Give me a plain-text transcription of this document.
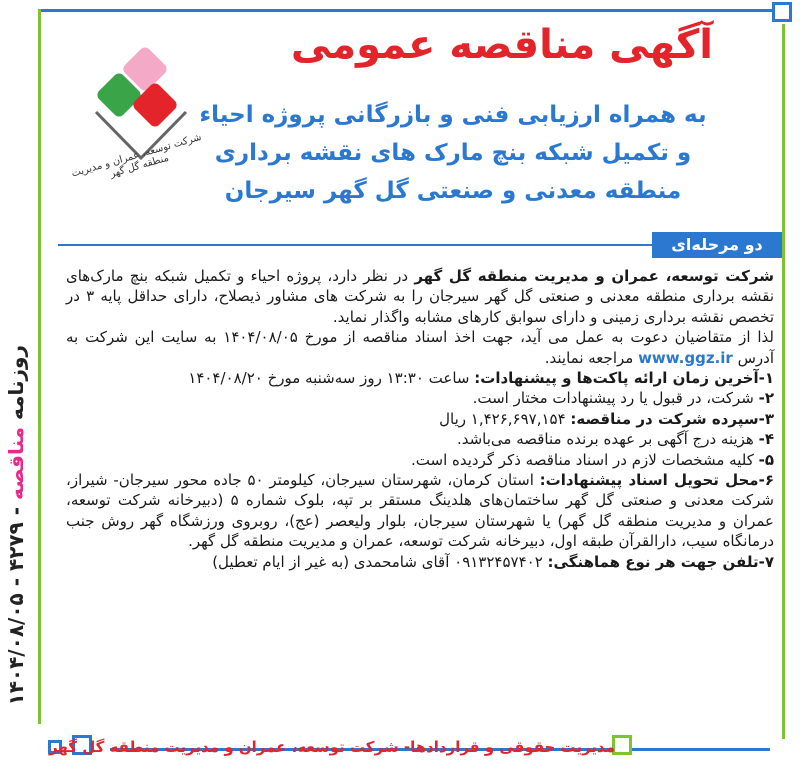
روزنامه مناقصه - ۴۲۷۹ - ۱۴۰۴/۰۸/۰۵
شرکت توسعه، عمران و مدیریت منطقه گل گهر
آگهی مناقصه عمومی
به همراه ارزیابی فنی و بازرگانی پروژه احیاء
و تکمیل شبکه بنچ مارک های نقشه برداری
منطقه معدنی و صنعتی گل گهر سیرجان
دو مرحله‌ای

شرکت توسعه، عمران و مدیریت منطقه گل گهر در نظر دارد، پروژه احیاء و تکمیل شبکه بنچ مارک‌های نقشه برداری منطقه معدنی و صنعتی گل گهر سیرجان را به شرکت های مشاور ذیصلاح، دارای حداقل پایه ۳ در تخصص نقشه برداری زمینی و دارای سوابق کارهای مشابه واگذار نماید.

لذا از متقاضیان دعوت به عمل می آید، جهت اخذ اسناد مناقصه از مورخ ۱۴۰۴/۰۸/۰۵ به سایت این شرکت به آدرس www.ggz.ir مراجعه نمایند.

۱-آخرین زمان ارائه پاکت‌ها و پیشنهادات: ساعت ۱۳:۳۰ روز سه‌شنبه مورخ ۱۴۰۴/۰۸/۲۰

۲- شرکت، در قبول یا رد پیشنهادات مختار است.

۳-سپرده شرکت در مناقصه: ۱,۴۲۶,۶۹۷,۱۵۴ ریال

۴- هزینه درج آگهی بر عهده برنده مناقصه می‌باشد.

۵- کلیه مشخصات لازم در اسناد مناقصه ذکر گردیده است.

۶-محل تحویل اسناد پیشنهادات: استان کرمان، شهرستان سیرجان، کیلومتر ۵۰ جاده محور سیرجان- شیراز، شرکت معدنی و صنعتی گل گهر ساختمان‌های هلدینگ مستقر بر تپه، بلوک شماره ۵ (دبیرخانه شرکت توسعه، عمران و مدیریت منطقه گل گهر) یا شهرستان سیرجان، بلوار ولیعصر (عج)، روبروی ورزشگاه گهر روش جنب درمانگاه سیب، دارالقرآن طبقه اول، دبیرخانه شرکت توسعه، عمران و مدیریت منطقه گل گهر.

۷-تلفن جهت هر نوع هماهنگی: ۰۹۱۳۲۴۵۷۴۰۲ آقای شامحمدی (به غیر از ایام تعطیل)

مدیریت حقوقی و قراردادها- شرکت توسعه، عمران و مدیریت منطقه گل گهر
